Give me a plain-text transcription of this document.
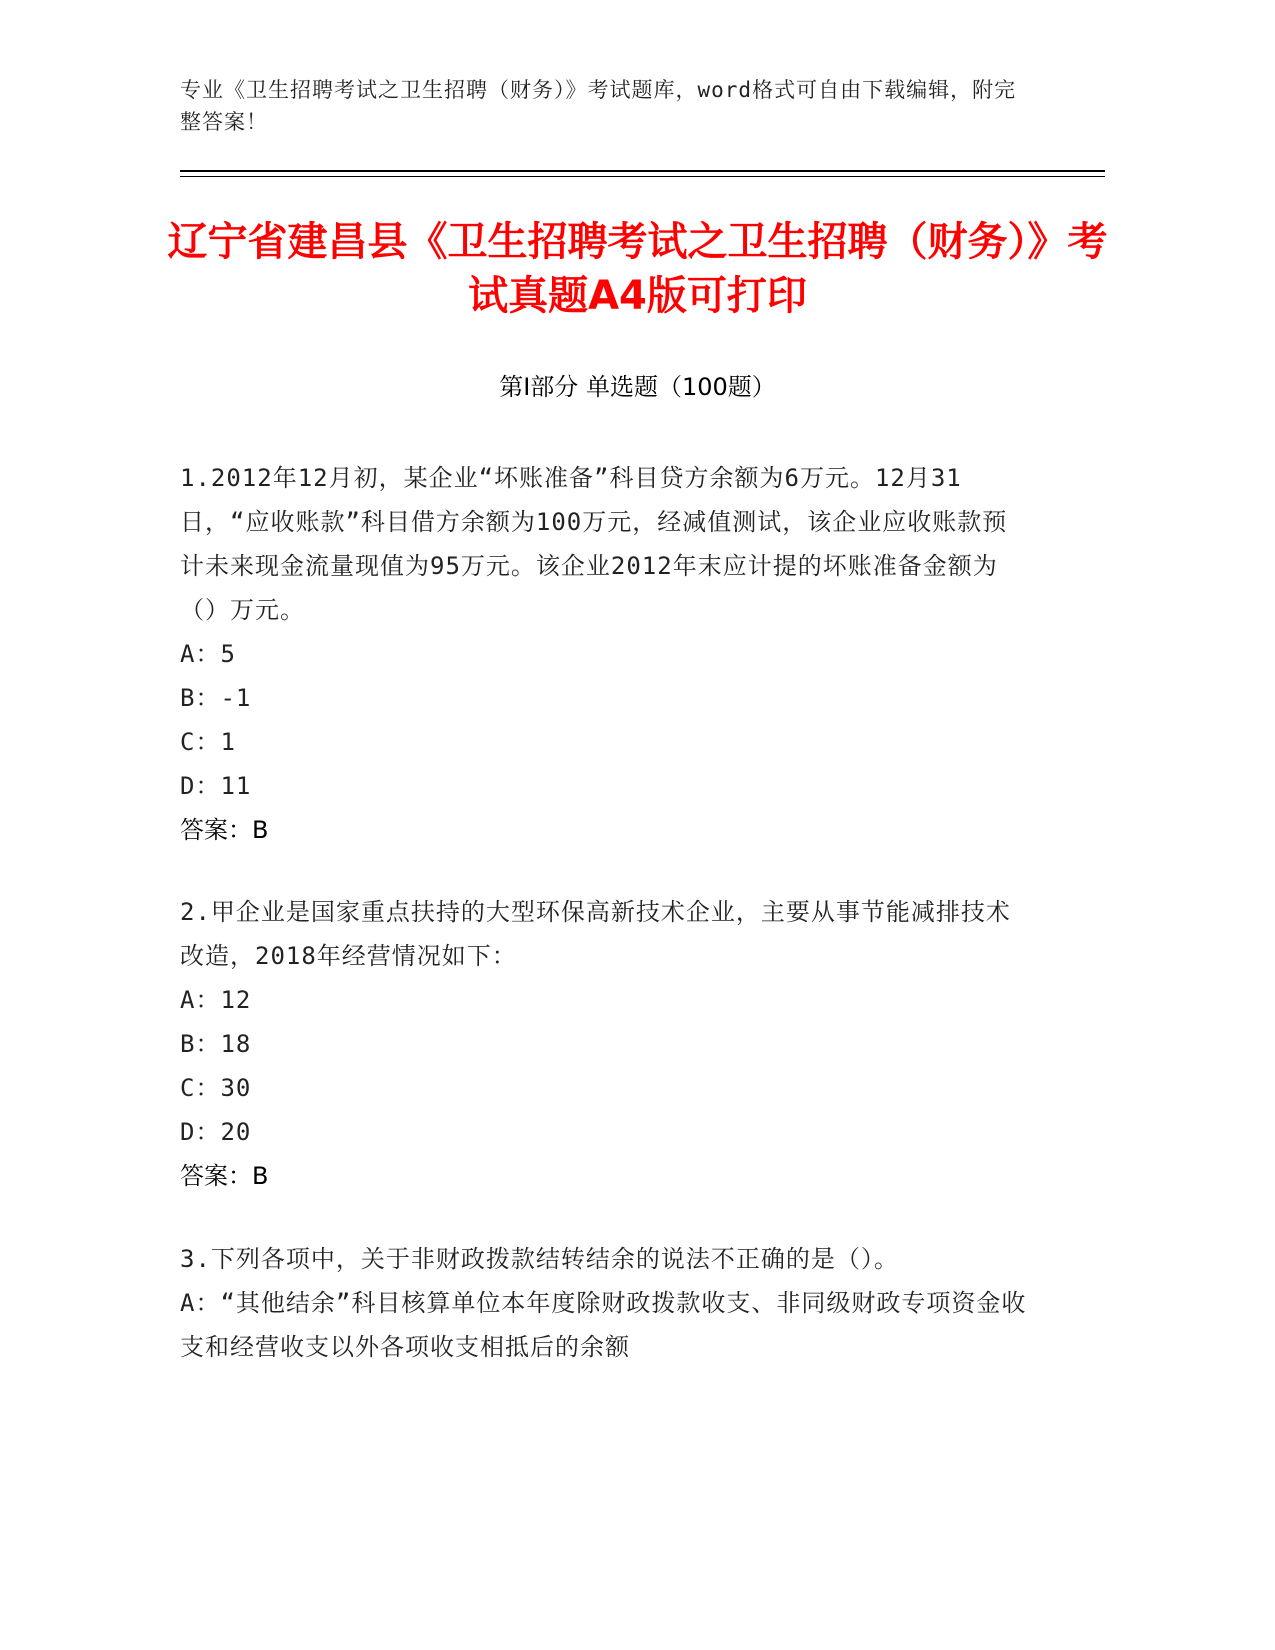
专业《卫生招聘考试之卫生招聘（财务）》考试题库，word格式可自由下载编辑，附完整答案！
辽宁省建昌县《卫生招聘考试之卫生招聘（财务）》考试真题A4版可打印
第Ⅰ部分 单选题（100题）

1.2012年12月初，某企业“坏账准备”科目贷方余额为6万元。12月31日，“应收账款”科目借方余额为100万元，经减值测试，该企业应收账款预计未来现金流量现值为95万元。该企业2012年末应计提的坏账准备金额为（）万元。

A：5

B：-1

C：1

D：11

答案：B

2.甲企业是国家重点扶持的大型环保高新技术企业，主要从事节能减排技术改造，2018年经营情况如下：

A：12

B：18

C：30

D：20

答案：B

3.下列各项中，关于非财政拨款结转结余的说法不正确的是（）。

A：“其他结余”科目核算单位本年度除财政拨款收支、非同级财政专项资金收支和经营收支以外各项收支相抵后的余额
